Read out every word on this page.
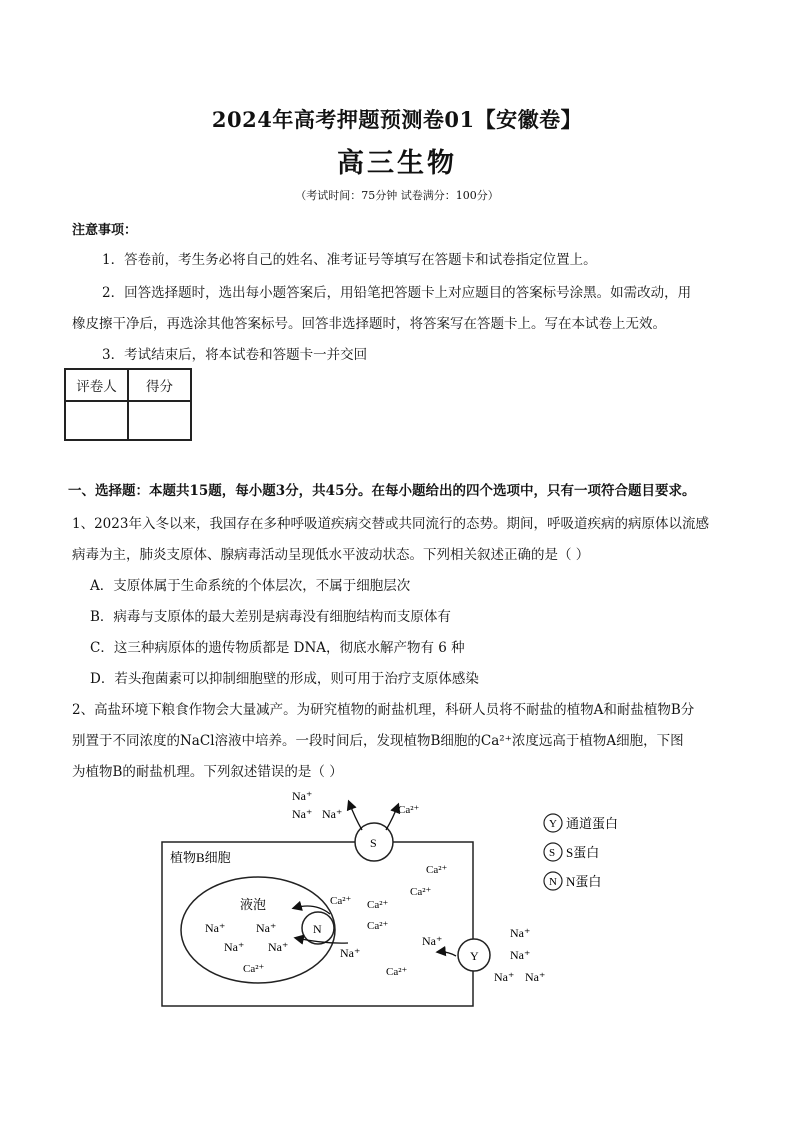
2024年高考押题预测卷01【安徽卷】
高三生物
（考试时间：75分钟 试卷满分：100分）
注意事项：
1．答卷前，考生务必将自己的姓名、准考证号等填写在答题卡和试卷指定位置上。
2．回答选择题时，选出每小题答案后，用铅笔把答题卡上对应题目的答案标号涂黑。如需改动，用
橡皮擦干净后，再选涂其他答案标号。回答非选择题时，将答案写在答题卡上。写在本试卷上无效。
3．考试结束后，将本试卷和答题卡一并交回
评卷人	得分

一、选择题：本题共15题，每小题3分，共45分。在每小题给出的四个选项中，只有一项符合题目要求。
1、2023年入冬以来，我国存在多种呼吸道疾病交替或共同流行的态势。期间，呼吸道疾病的病原体以流感
病毒为主，肺炎支原体、腺病毒活动呈现低水平波动状态。下列相关叙述正确的是（ ）
A．支原体属于生命系统的个体层次，不属于细胞层次
B．病毒与支原体的最大差别是病毒没有细胞结构而支原体有
C．这三种病原体的遗传物质都是 DNA，彻底水解产物有 6 种
D．若头孢菌素可以抑制细胞壁的形成，则可用于治疗支原体感染
2、高盐环境下粮食作物会大量减产。为研究植物的耐盐机理，科研人员将不耐盐的植物A和耐盐植物B分
别置于不同浓度的NaCl溶液中培养。一段时间后，发现植物B细胞的Ca²⁺浓度远高于植物A细胞，下图
为植物B的耐盐机理。下列叙述错误的是（ ）
植物B细胞
液泡
Na⁺	Na⁺
Na⁺ Na⁺
Ca²⁺
S
Na⁺
Na⁺ Na⁺	Ca²⁺
N
Ca²⁺
Na⁺
Ca²⁺
Ca²⁺
Ca²⁺
Ca²⁺
Ca²⁺
Y
Na⁺
Na⁺
Na⁺
Na⁺ Na⁺
Y 通道蛋白
S S蛋白
N N蛋白
